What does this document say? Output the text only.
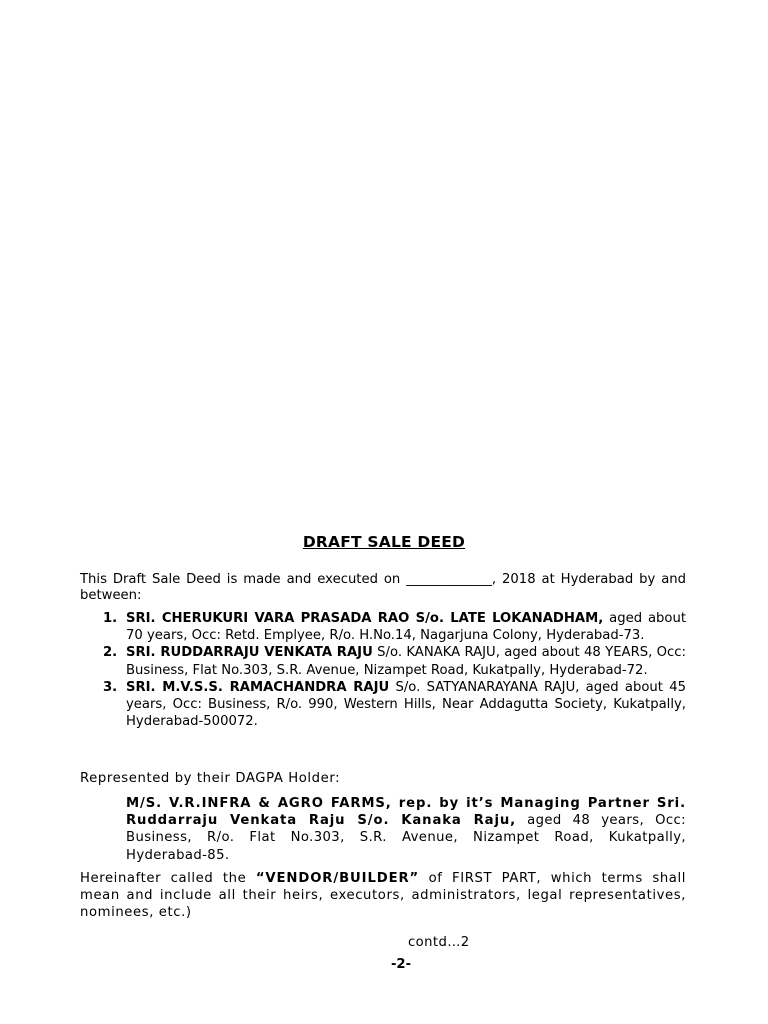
DRAFT SALE DEED
This Draft Sale Deed is made and executed on _____________, 2018 at Hyderabad by and between:
1. SRI. CHERUKURI VARA PRASADA RAO S/o. LATE LOKANADHAM, aged about 70 years, Occ: Retd. Emplyee, R/o. H.No.14, Nagarjuna Colony, Hyderabad-73.
2. SRI. RUDDARRAJU VENKATA RAJU S/o. KANAKA RAJU, aged about 48 YEARS, Occ: Business, Flat No.303, S.R. Avenue, Nizampet Road, Kukatpally, Hyderabad-72.
3. SRI. M.V.S.S. RAMACHANDRA RAJU S/o. SATYANARAYANA RAJU, aged about 45 years, Occ: Business, R/o. 990, Western Hills, Near Addagutta Society, Kukatpally, Hyderabad-500072.
Represented by their DAGPA Holder:
M/S. V.R.INFRA & AGRO FARMS, rep. by it’s Managing Partner Sri. Ruddarraju Venkata Raju S/o. Kanaka Raju, aged 48 years, Occ: Business, R/o. Flat No.303, S.R. Avenue, Nizampet Road, Kukatpally, Hyderabad-85.
Hereinafter called the “VENDOR/BUILDER” of FIRST PART, which terms shall mean and include all their heirs, executors, administrators, legal representatives, nominees, etc.)
contd…2
-2-
